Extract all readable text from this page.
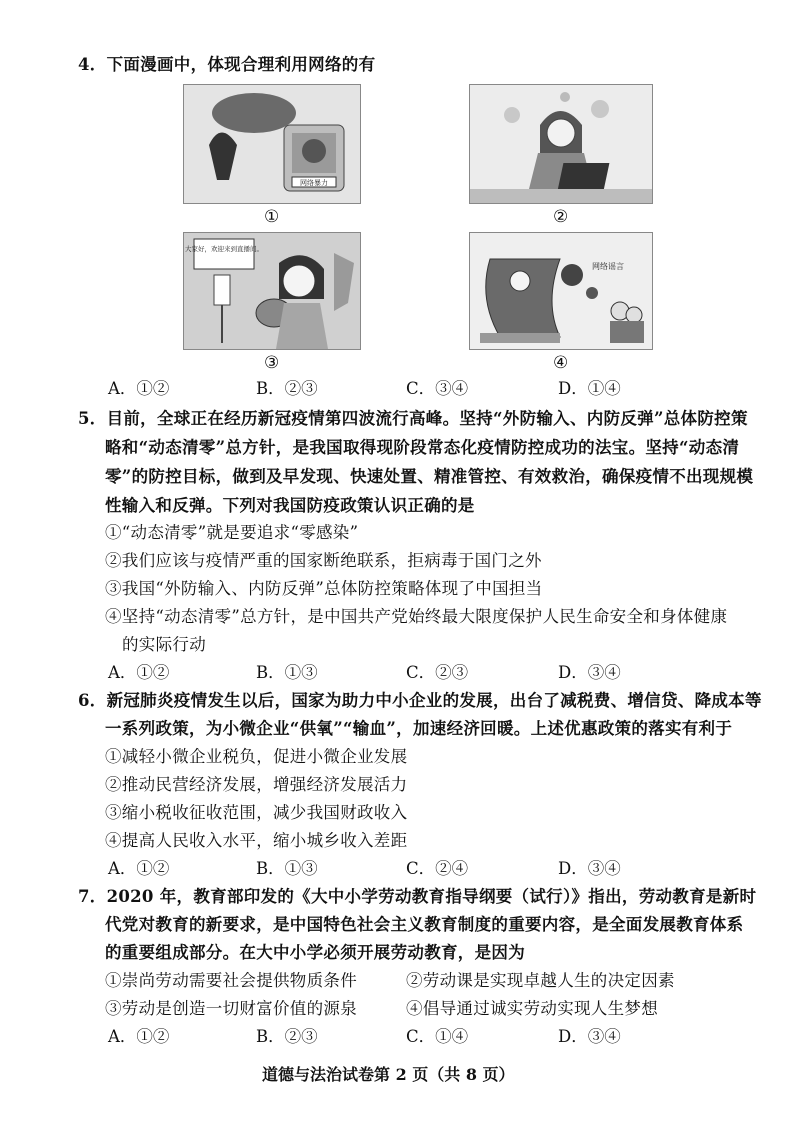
4．下面漫画中，体现合理利用网络的有
网络暴力
①	②
大家好，欢迎来到直播间。
③
网络谣言
④
A．①②	B．②③	C．③④	D．①④
5．目前，全球正在经历新冠疫情第四波流行高峰。坚持“外防输入、内防反弹”总体防控策
略和“动态清零”总方针，是我国取得现阶段常态化疫情防控成功的法宝。坚持“动态清
零”的防控目标，做到及早发现、快速处置、精准管控、有效救治，确保疫情不出现规模
性输入和反弹。下列对我国防疫政策认识正确的是
①“动态清零”就是要追求“零感染”
②我们应该与疫情严重的国家断绝联系，拒病毒于国门之外
③我国“外防输入、内防反弹”总体防控策略体现了中国担当
④坚持“动态清零”总方针，是中国共产党始终最大限度保护人民生命安全和身体健康
的实际行动
A．①②	B．①③	C．②③	D．③④
6．新冠肺炎疫情发生以后，国家为助力中小企业的发展，出台了减税费、增信贷、降成本等
一系列政策，为小微企业“供氧”“输血”，加速经济回暖。上述优惠政策的落实有利于
①减轻小微企业税负，促进小微企业发展
②推动民营经济发展，增强经济发展活力
③缩小税收征收范围，减少我国财政收入
④提高人民收入水平，缩小城乡收入差距
A．①②	B．①③	C．②④	D．③④
7．2020 年，教育部印发的《大中小学劳动教育指导纲要（试行）》指出，劳动教育是新时
代党对教育的新要求，是中国特色社会主义教育制度的重要内容，是全面发展教育体系
的重要组成部分。在大中小学必须开展劳动教育，是因为
①崇尚劳动需要社会提供物质条件	②劳动课是实现卓越人生的决定因素
③劳动是创造一切财富价值的源泉	④倡导通过诚实劳动实现人生梦想
A．①②	B．②③	C．①④	D．③④
道德与法治试卷第 2 页（共 8 页）
